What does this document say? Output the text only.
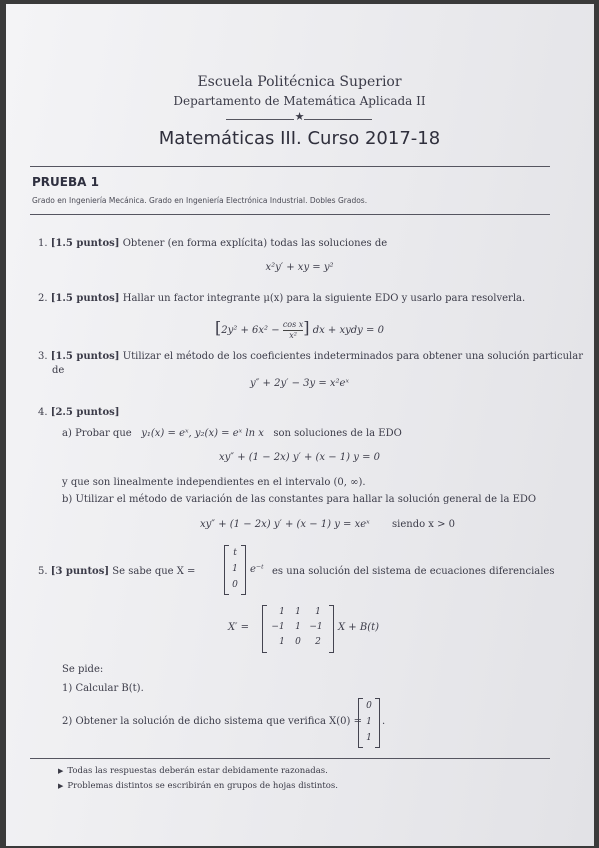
Escuela Politécnica Superior
Departamento de Matemática Aplicada II
★
Matemáticas III. Curso 2017-18
PRUEBA 1
Grado en Ingeniería Mecánica. Grado en Ingeniería Electrónica Industrial. Dobles Grados.
1. [1.5 puntos] Obtener (en forma explícita) todas las soluciones de
x²y′ + xy = y²
2. [1.5 puntos] Hallar un factor integrante μ(x) para la siguiente EDO y usarlo para resolverla.
[$2y^2 + 6x^2 - \frac{\text{cos x}}{\text{x²}}$ ] dx + xydy = 0
3. [1.5 puntos] Utilizar el método de los coeficientes indeterminados para obtener una solución particular
de
y″ + 2y′ − 3y = x²eˣ
4. [2.5 puntos]
a) Probar que y₁(x) = eˣ, y₂(x) = eˣ ln x son soluciones de la EDO
xy″ + (1 − 2x) y′ + (x − 1) y = 0
y que son linealmente independientes en el intervalo (0, ∞).
b) Utilizar el método de variación de las constantes para hallar la solución general de la EDO
xy″ + (1 − 2x) y′ + (x − 1) y = xeˣ siendo x > 0
5. [3 puntos] Se sabe que X =
t
1
0
e⁻ᵗ es una solución del sistema de ecuaciones diferenciales
X′ =
1	1	1
−1	1 −1
1	0	2
X + B(t)
Se pide:
1) Calcular B(t).
2) Obtener la solución de dicho sistema que verifica X(0) =
0
1
1
.
▶ Todas las respuestas deberán estar debidamente razonadas.
▶ Problemas distintos se escribirán en grupos de hojas distintos.
